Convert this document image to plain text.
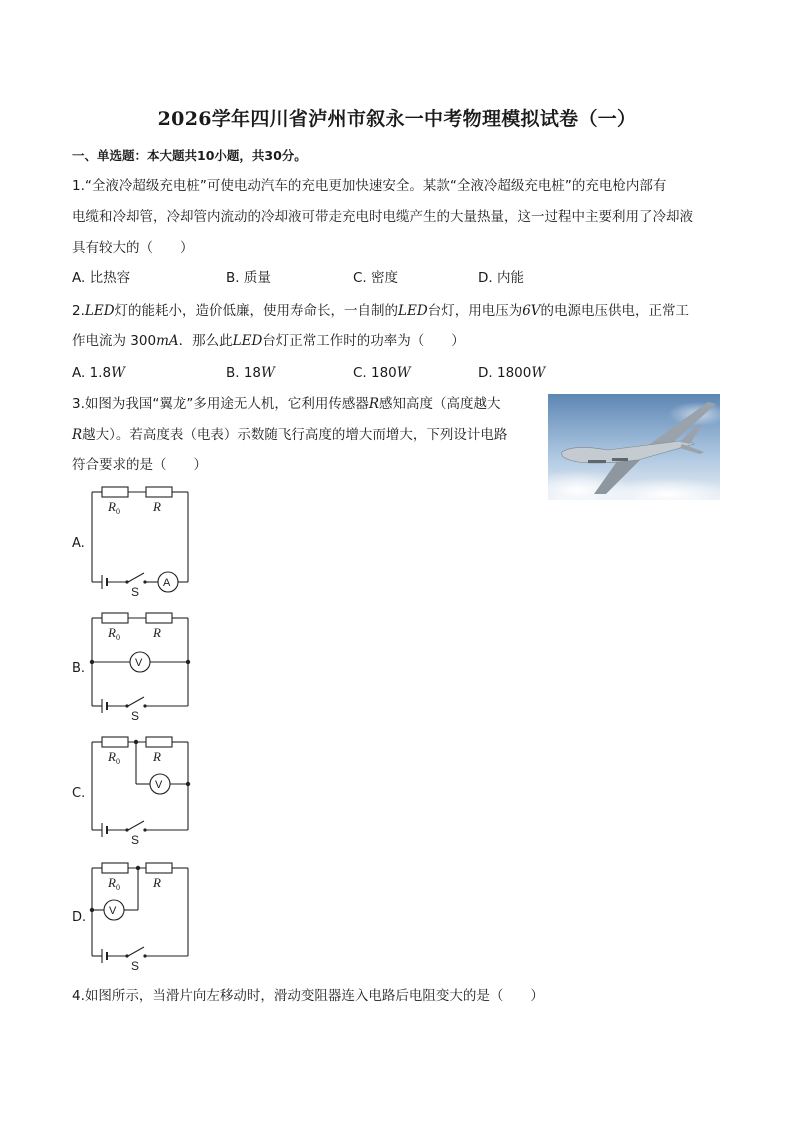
2026学年四川省泸州市叙永一中考物理模拟试卷（一）
一、单选题：本大题共10小题，共30分。
1.“全液冷超级充电桩”可使电动汽车的充电更加快速安全。某款“全液冷超级充电桩”的充电枪内部有
电缆和冷却管，冷却管内流动的冷却液可带走充电时电缆产生的大量热量，这一过程中主要利用了冷却液
具有较大的（　　）
A. 比热容	B. 质量	C. 密度	D. 内能
2.LED灯的能耗小，造价低廉，使用寿命长，一自制的LED台灯，用电压为6V的电源电压供电，正常工
作电流为 300mA．那么此LED台灯正常工作时的功率为（　　）
A. 1.8W	B. 18W	C. 180W	D. 1800W
3.如图为我国“翼龙”多用途无人机，它利用传感器R感知高度（高度越大
R越大）。若高度表（电表）示数随飞行高度的增大而增大，下列设计电路
符合要求的是（　　）
A.
$R_0$	R
S
A
B.
$R_0$	R
S
V
C.
$R_0$	R
S
V
D.
$R_0$	R
S
V
4.如图所示，当滑片向左移动时，滑动变阻器连入电路后电阻变大的是（　　）
